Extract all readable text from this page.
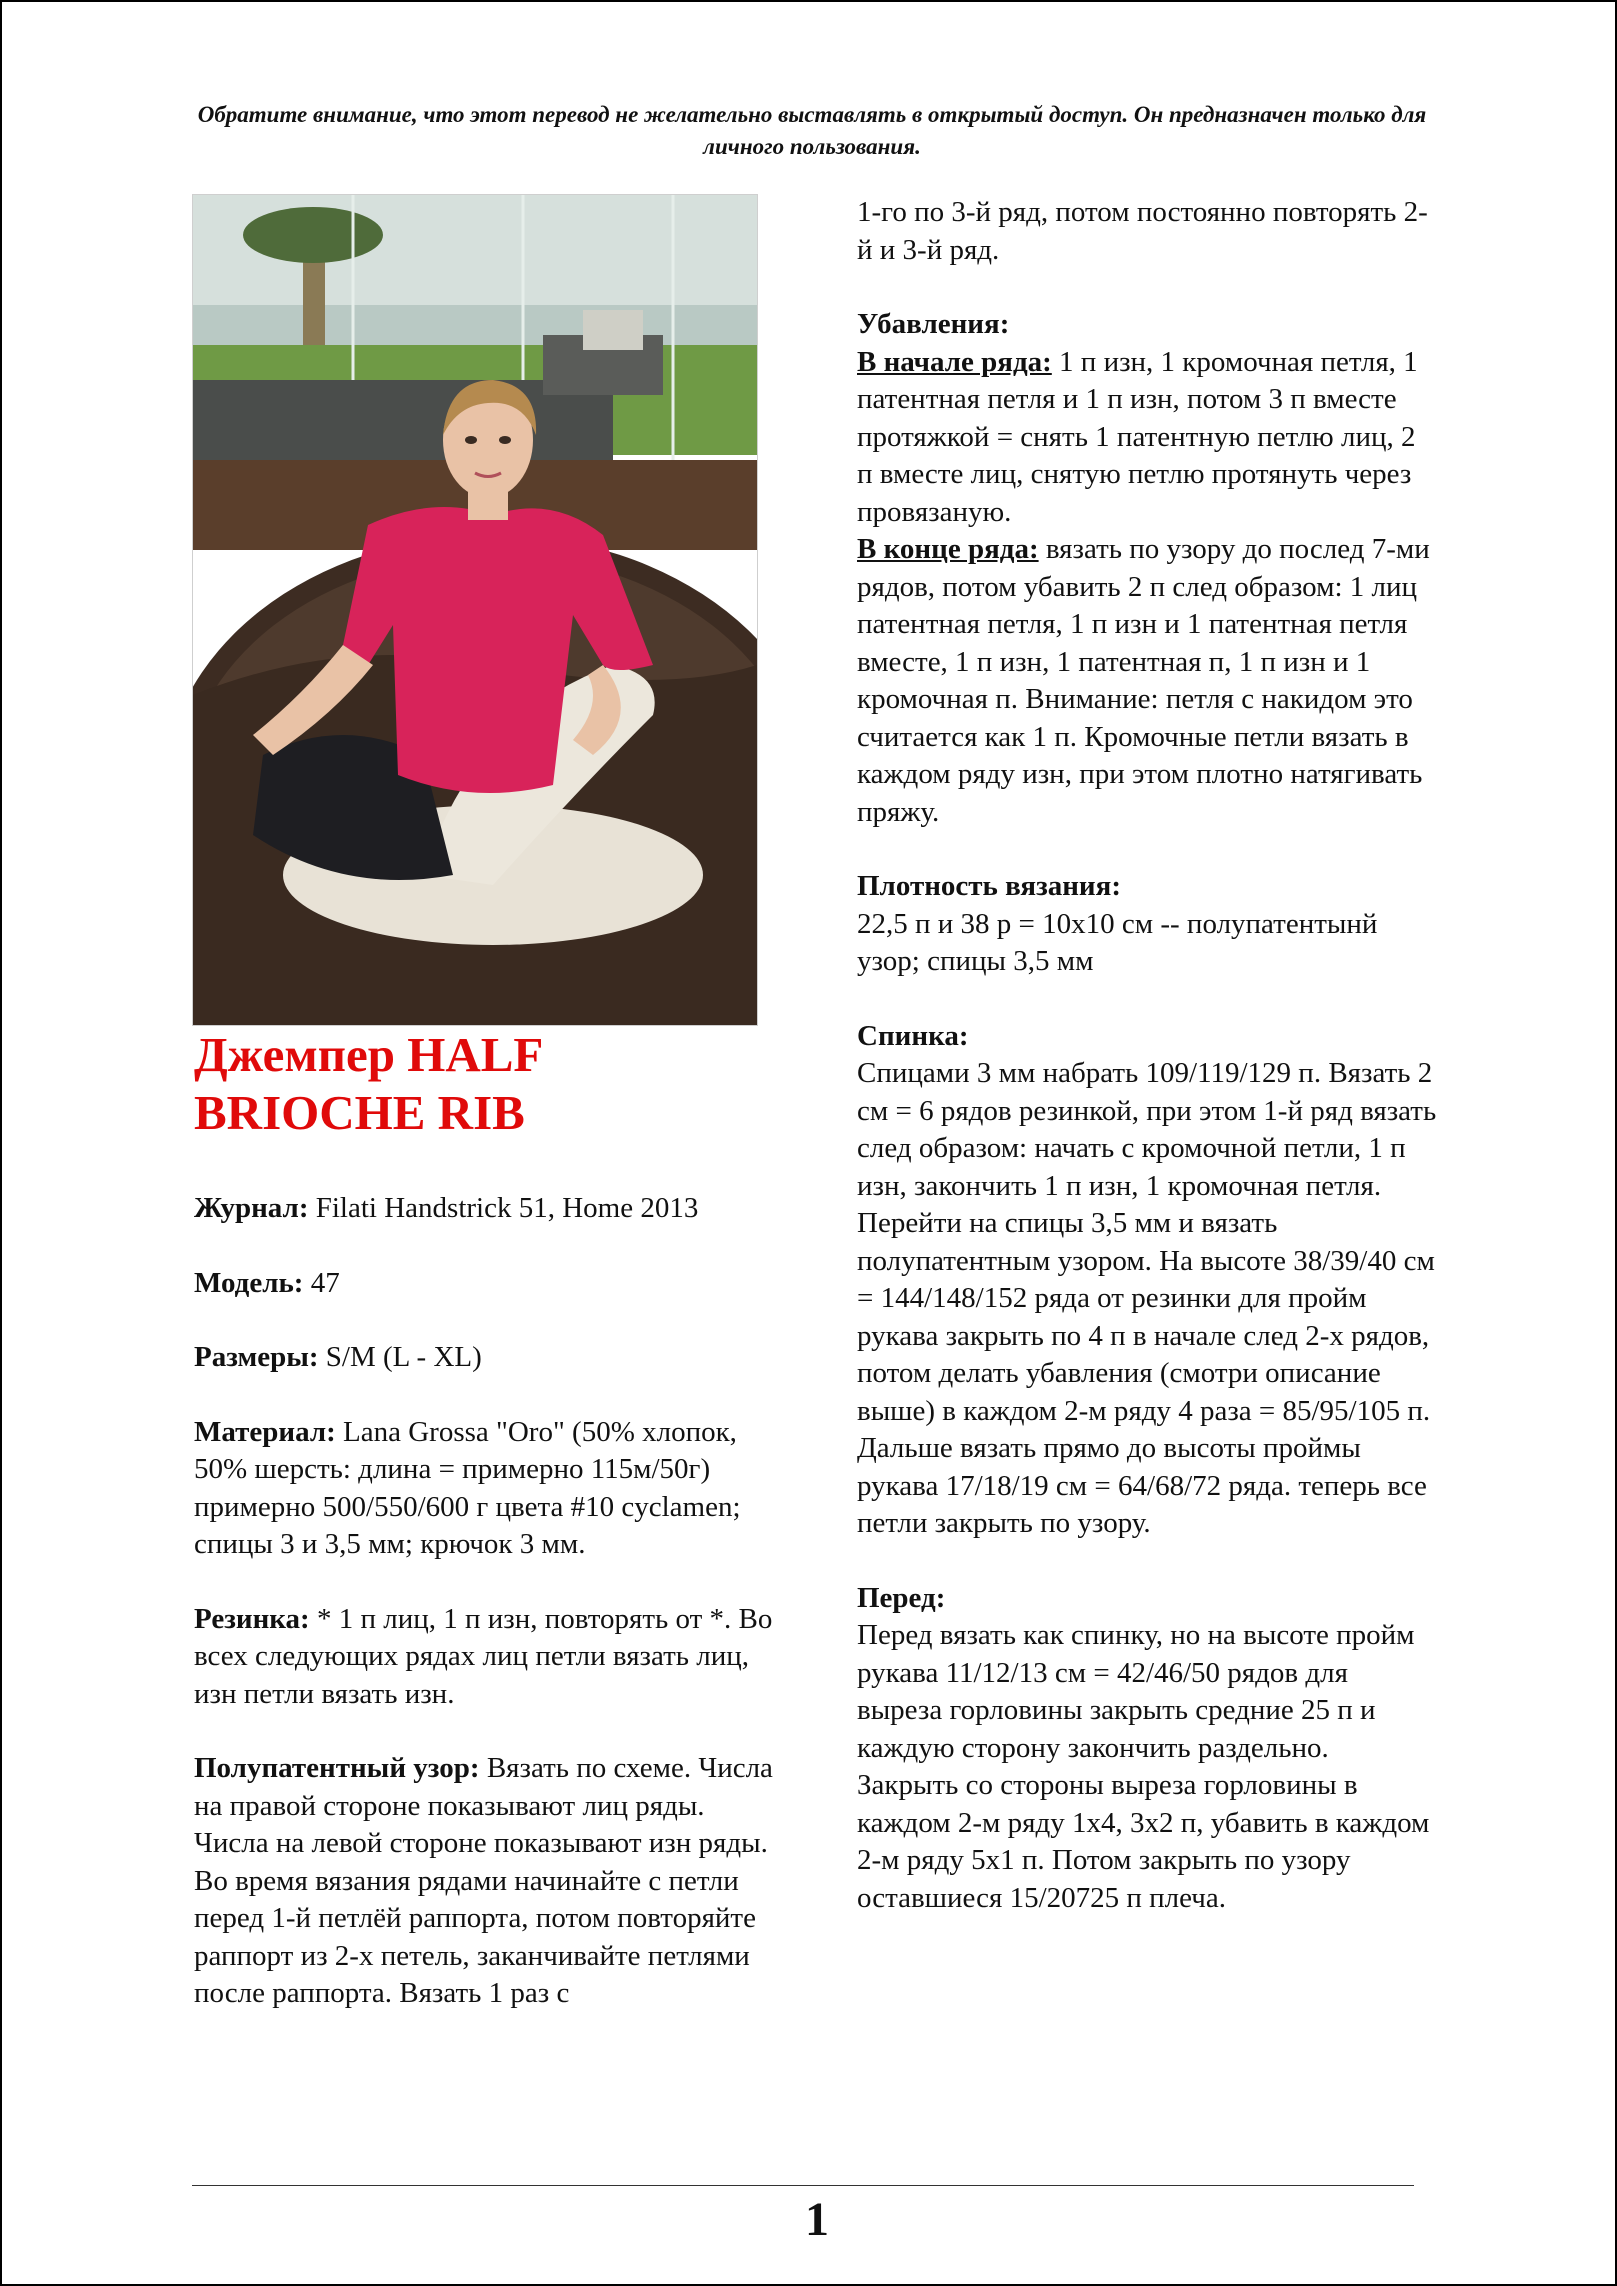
Обратите внимание, что этот перевод не желательно выставлять в открытый доступ. Он предназначен только для личного пользования.
Джемпер HALF BRIOCHE RIB
Журнал: Filati Handstrick 51, Home 2013
Модель: 47
Размеры: S/M (L - XL)
Материал: Lana Grossa "Oro" (50% хлопок, 50% шерсть: длина = примерно 115м/50г) примерно 500/550/600 г цвета #10 cyclamen; спицы 3 и 3,5 мм; крючок 3 мм.
Резинка: * 1 п лиц, 1 п изн, повторять от *. Во всех следующих рядах лиц петли вязать лиц, изн петли вязать изн.
Полупатентный узор: Вязать по схеме. Числа на правой стороне показывают лиц ряды. Числа на левой стороне показывают изн ряды. Во время вязания рядами начинайте с петли перед 1-й петлёй раппорта, потом повторяйте раппорт из 2-х петель, заканчивайте петлями после раппорта. Вязать 1 раз с
1-го по 3-й ряд, потом постоянно повторять 2-й и 3-й ряд.
Убавления:
В начале ряда: 1 п изн, 1 кромочная петля, 1 патентная петля и 1 п изн, потом 3 п вместе протяжкой = снять 1 патентную петлю лиц, 2 п вместе лиц, снятую петлю протянуть через провязаную.
В конце ряда: вязать по узору до послед 7-ми рядов, потом убавить 2 п след образом: 1 лиц патентная петля, 1 п изн и 1 патентная петля вместе, 1 п изн, 1 патентная п, 1 п изн и 1 кромочная п. Внимание: петля с накидом это считается как 1 п. Кромочные петли вязать в каждом ряду изн, при этом плотно натягивать пряжу.
Плотность вязания:
22,5 п и 38 р = 10х10 см -- полупатентынй узор; спицы 3,5 мм
Спинка:
Спицами 3 мм набрать 109/119/129 п. Вязать 2 см = 6 рядов резинкой, при этом 1-й ряд вязать след образом: начать с кромочной петли, 1 п изн, закончить 1 п изн, 1 кромочная петля. Перейти на спицы 3,5 мм и вязать полупатентным узором. На высоте 38/39/40 см = 144/148/152 ряда от резинки для пройм рукава закрыть по 4 п в начале след 2-х рядов, потом делать убавления (смотри описание выше) в каждом 2-м ряду 4 раза = 85/95/105 п. Дальше вязать прямо до высоты проймы рукава 17/18/19 см = 64/68/72 ряда. теперь все петли закрыть по узору.
Перед:
Перед вязать как спинку, но на высоте пройм рукава 11/12/13 см = 42/46/50 рядов для выреза горловины закрыть средние 25 п и каждую сторону закончить раздельно. Закрыть со стороны выреза горловины в каждом 2-м ряду 1х4, 3х2 п, убавить в каждом 2-м ряду 5х1 п. Потом закрыть по узору оставшиеся 15/20725 п плеча.
1
